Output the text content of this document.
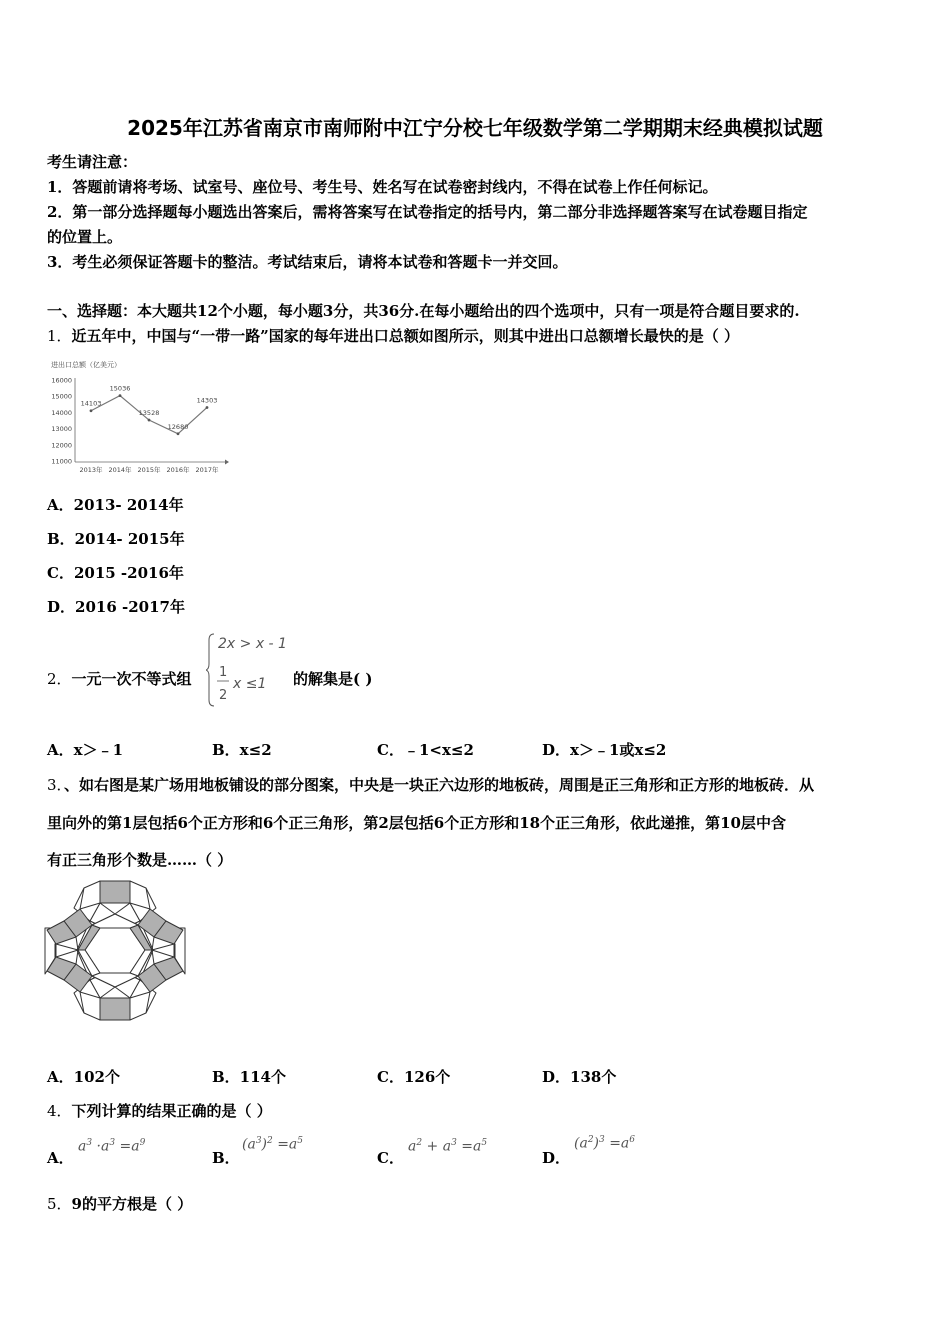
2025年江苏省南京市南师附中江宁分校七年级数学第二学期期末经典模拟试题
考生请注意：
1．答题前请将考场、试室号、座位号、考生号、姓名写在试卷密封线内，不得在试卷上作任何标记。
2．第一部分选择题每小题选出答案后，需将答案写在试卷指定的括号内，第二部分非选择题答案写在试卷题目指定
的位置上。
3．考生必须保证答题卡的整洁。考试结束后，请将本试卷和答题卡一并交回。
一、选择题：本大题共12个小题，每小题3分，共36分.在每小题给出的四个选项中，只有一项是符合题目要求的.
1．近五年中，中国与“一带一路”国家的每年进出口总额如图所示，则其中进出口总额增长最快的是（ ）
进出口总额（亿美元）
11000
12000
13000
14000
15000
16000
14103
15036
13528
12680
14303
2013年 2014年 2015年 2016年 2017年
A．2013- 2014年
B．2014- 2015年
C．2015 -2016年
D．2016 -2017年
2．一元一次不等式组
2x > x - 1
1
2
x ≤1 的解集是( )
A．x＞﹣1	B．x≤2	C．﹣1<x≤2	D．x＞﹣1或x≤2
3．、如右图是某广场用地板铺设的部分图案，中央是一块正六边形的地板砖，周围是正三角形和正方形的地板砖．从
里向外的第1层包括6个正方形和6个正三角形，第2层包括6个正方形和18个正三角形，依此递推，第10层中含
有正三角形个数是……（ ）
A．102个	B．114个	C．126个	D．138个
4．下列计算的结果正确的是（ ）
A．
$a^3 \cdot a^3 =a^9$
B．
$(a^3)^2 =a^5$
C．
$a^2 + a^3 =a^5$
D．
$(a^2)^3 =a^6$
5．9的平方根是（ ）
